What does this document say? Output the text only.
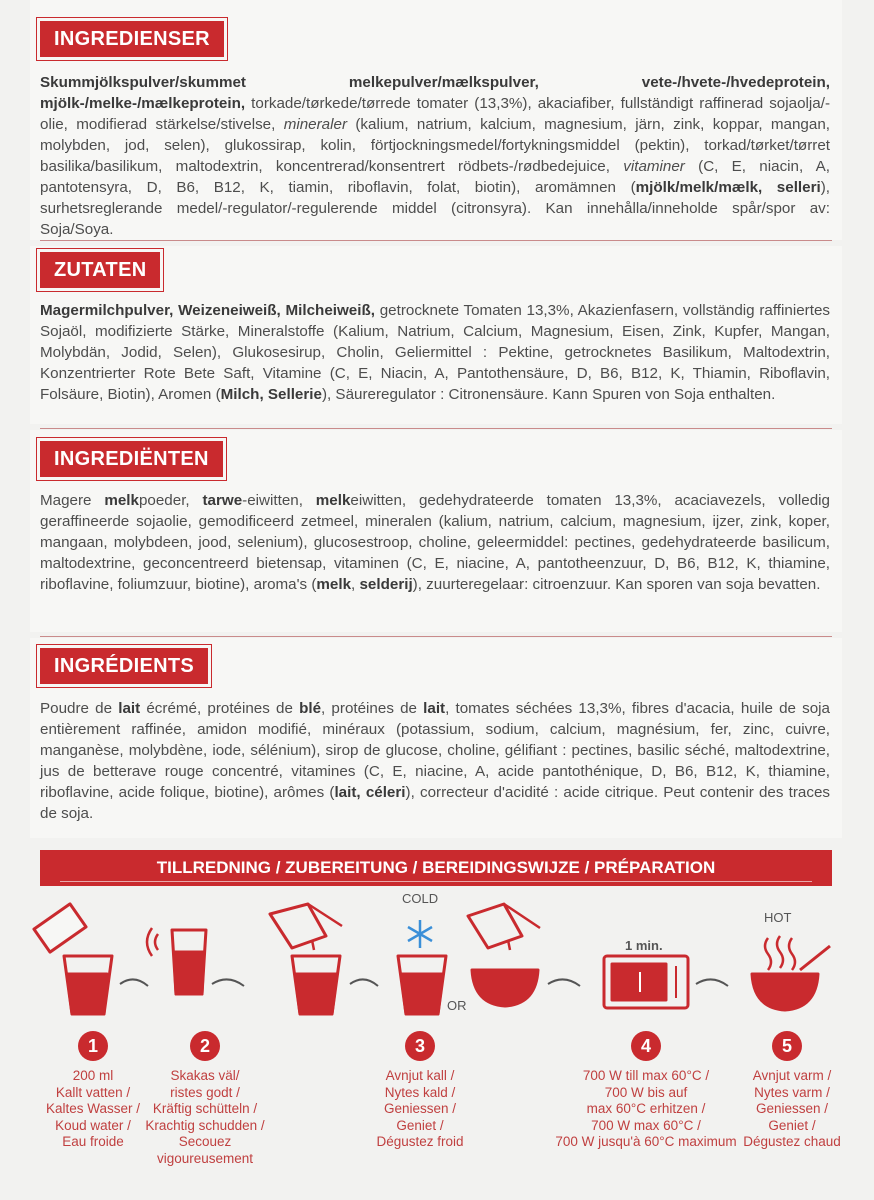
INGREDIENSER
Skummjölkspulver/skummet melkepulver/mælkspulver, vete-/hvete-/hvedeprotein, mjölk-/melke-/mælkeprotein, torkade/tørkede/tørrede tomater (13,3%), akaciafiber, fullständigt raffinerad sojaolja/-olie, modifierad stärkelse/stivelse, mineraler (kalium, natrium, kalcium, magnesium, järn, zink, koppar, mangan, molybden, jod, selen), glukossirap, kolin, förtjockningsmedel/fortykningsmiddel (pektin), torkad/tørket/tørret basilika/basilikum, maltodextrin, koncentrerad/konsentrert rödbets-/rødbedejuice, vitaminer (C, E, niacin, A, pantotensyra, D, B6, B12, K, tiamin, riboflavin, folat, biotin), aromämnen (mjölk/melk/mælk, selleri), surhetsreglerande medel/-regulator/-regulerende middel (citronsyra). Kan innehålla/inneholde spår/spor av: Soja/Soya.
ZUTATEN
Magermilchpulver, Weizeneiweiß, Milcheiweiß, getrocknete Tomaten 13,3%, Akazienfasern, vollständig raffiniertes Sojaöl, modifizierte Stärke, Mineralstoffe (Kalium, Natrium, Calcium, Magnesium, Eisen, Zink, Kupfer, Mangan, Molybdän, Jodid, Selen), Glukosesirup, Cholin, Geliermittel : Pektine, getrocknetes Basilikum, Maltodextrin, Konzentrierter Rote Bete Saft, Vitamine (C, E, Niacin, A, Pantothensäure, D, B6, B12, K, Thiamin, Riboflavin, Folsäure, Biotin), Aromen (Milch, Sellerie), Säureregulator : Citronensäure. Kann Spuren von Soja enthalten.
INGREDIËNTEN
Magere melkpoeder, tarwe-eiwitten, melkeiwitten, gedehydrateerde tomaten 13,3%, acaciavezels, volledig geraffineerde sojaolie, gemodificeerd zetmeel, mineralen (kalium, natrium, calcium, magnesium, ijzer, zink, koper, mangaan, molybdeen, jood, selenium), glucosestroop, choline, geleermiddel: pectines, gedehydrateerde basilicum, maltodextrine, geconcentreerd bietensap, vitaminen (C, E, niacine, A, pantotheenzuur, D, B6, B12, K, thiamine, riboflavine, foliumzuur, biotine), aroma's (melk, selderij), zuurteregelaar: citroenzuur. Kan sporen van soja bevatten.
INGRÉDIENTS
Poudre de lait écrémé, protéines de blé, protéines de lait, tomates séchées 13,3%, fibres d'acacia, huile de soja entièrement raffinée, amidon modifié, minéraux (potassium, sodium, calcium, magnésium, fer, zinc, cuivre, manganèse, molybdène, iode, sélénium), sirop de glucose, choline, gélifiant : pectines, basilic séché, maltodextrine, jus de betterave rouge concentré, vitamines (C, E, niacine, A, acide pantothénique, D, B6, B12, K, thiamine, riboflavine, acide folique, biotine), arômes (lait, céleri), correcteur d'acidité : acide citrique. Peut contenir des traces de soja.
TILLREDNING / ZUBEREITUNG / BEREIDINGSWIJZE / PRÉPARATION
COLD
OR
1 min.
HOT
1	2	3	4	5
200 ml
Kallt vatten /
Kaltes Wasser /
Koud water /
Eau froide
Skakas väl/
ristes godt /
Kräftig schütteln /
Krachtig schudden /
Secouez
vigoureusement
Avnjut kall /
Nytes kald /
Geniessen /
Geniet /
Dégustez froid
700 W till max 60°C /
700 W bis auf
max 60°C erhitzen /
700 W max 60°C /
700 W jusqu'à 60°C maximum
Avnjut varm /
Nytes varm /
Geniessen /
Geniet /
Dégustez chaud
